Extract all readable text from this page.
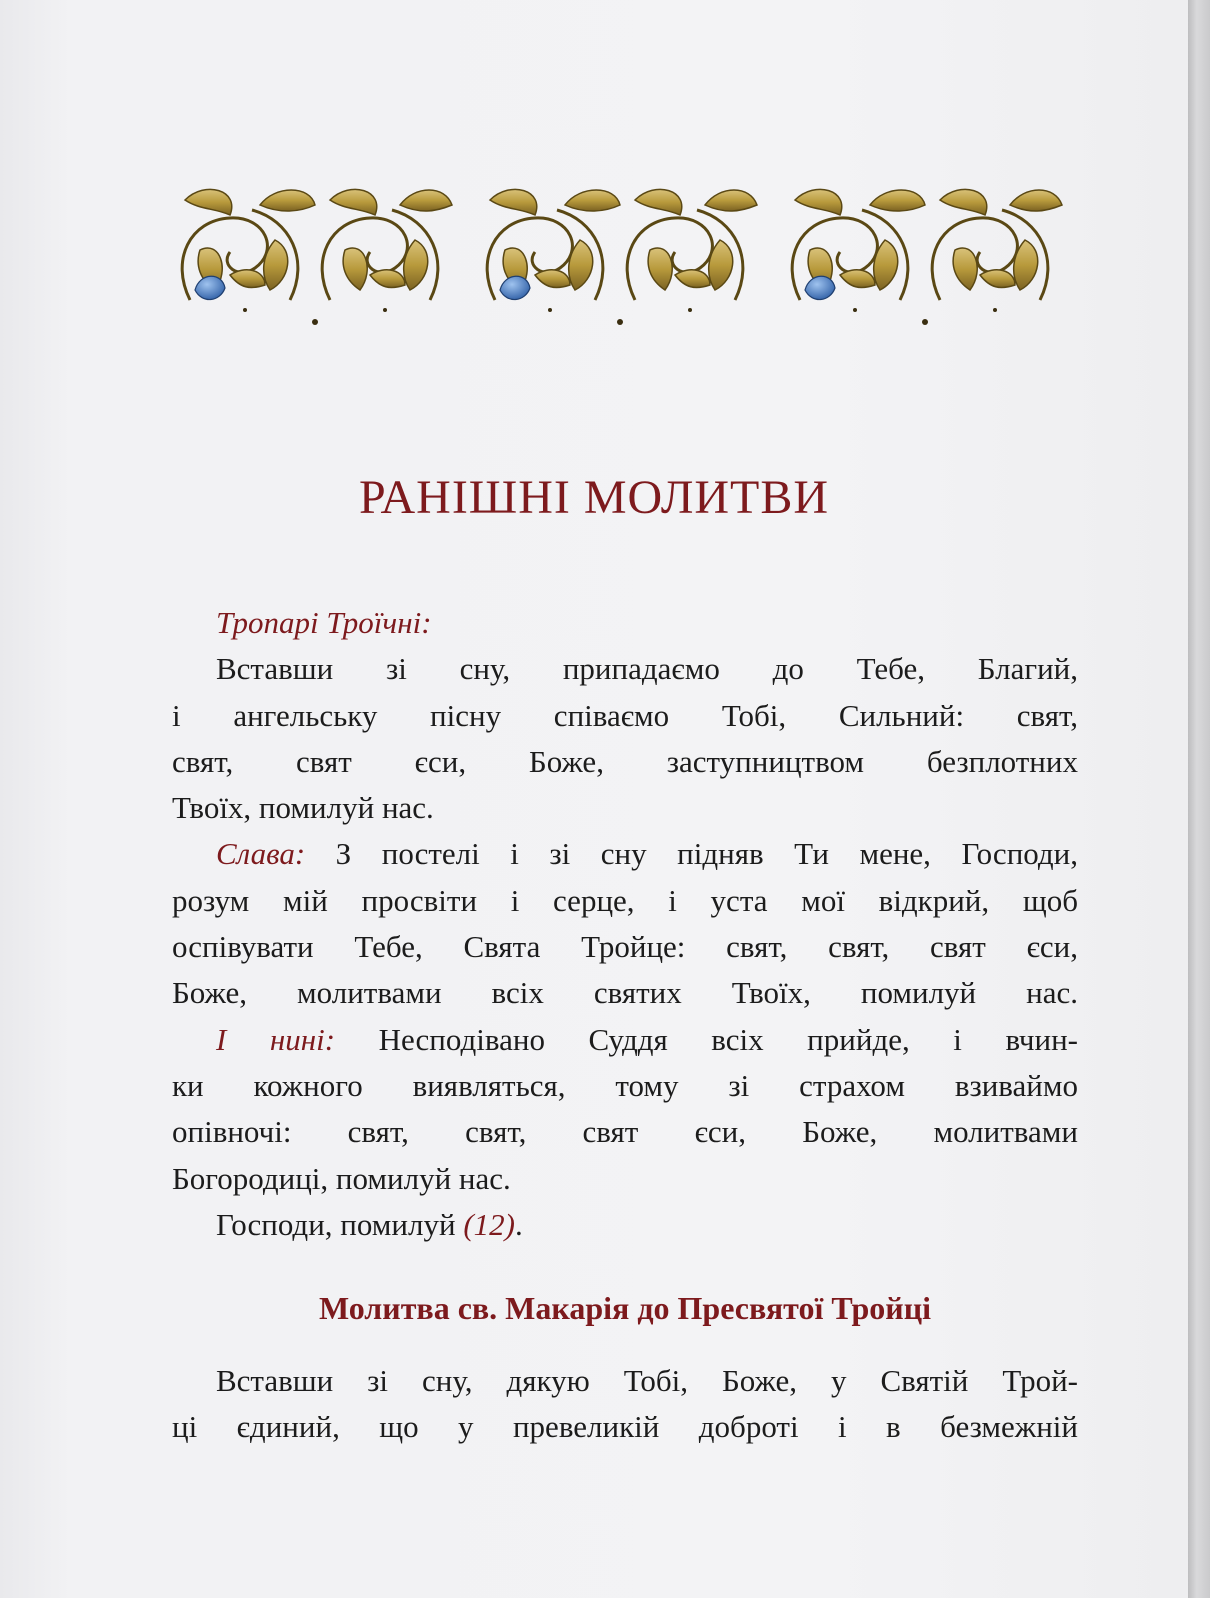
РАНІШНІ МОЛИТВИ
Тропарі Троїчні:
Вставши зі сну, припадаємо до Тебе, Благий,
і ангельську пісну співаємо Тобі, Сильний: свят,
свят, свят єси, Боже, заступництвом безплотних
Твоїх, помилуй нас.
Слава: З постелі і зі сну підняв Ти мене, Господи,
розум мій просвіти і серце, і уста мої відкрий, щоб
оспівувати Тебе, Свята Тройце: свят, свят, свят єси,
Боже, молитвами всіх святих Твоїх, помилуй нас.
І нині: Несподівано Суддя всіх прийде, і вчин-
ки кожного виявляться, тому зі страхом взиваймо
опівночі: свят, свят, свят єси, Боже, молитвами
Богородиці, помилуй нас.
Господи, помилуй (12).
Молитва св. Макарія до Пресвятої Тройці
Вставши зі сну, дякую Тобі, Боже, у Святій Трой-
ці єдиний, що у превеликій доброті і в безмежній
